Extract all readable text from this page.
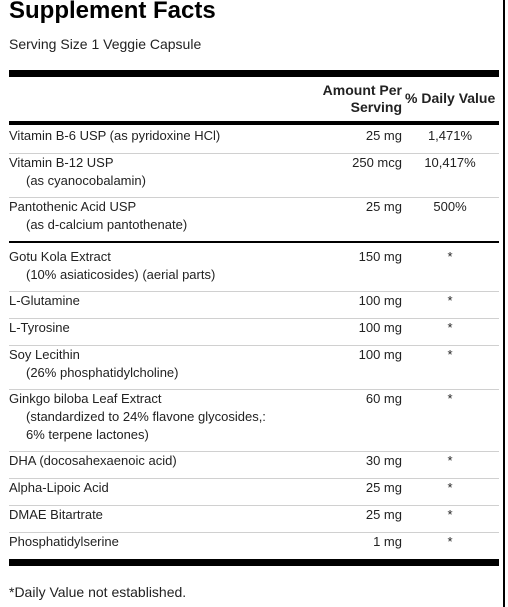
Supplement Facts

Serving Size 1 Veggie Capsule

Amount Per
Serving
% Daily Value
Vitamin B-6 USP (as pyridoxine HCl)	25 mg	1,471%
Vitamin B-12 USP
(as cyanocobalamin)
250 mcg	10,417%
Pantothenic Acid USP
(as d-calcium pantothenate)
25 mg	500%
Gotu Kola Extract
(10% asiaticosides) (aerial parts)
150 mg	*
L-Glutamine	100 mg	*
L-Tyrosine	100 mg	*
Soy Lecithin
(26% phosphatidylcholine)
100 mg	*
Ginkgo biloba Leaf Extract
(standardized to 24% flavone glycosides,:
6% terpene lactones)
60 mg	*
DHA (docosahexaenoic acid)	30 mg	*
Alpha-Lipoic Acid	25 mg	*
DMAE Bitartrate	25 mg	*
Phosphatidylserine	1 mg	*

*Daily Value not established.
